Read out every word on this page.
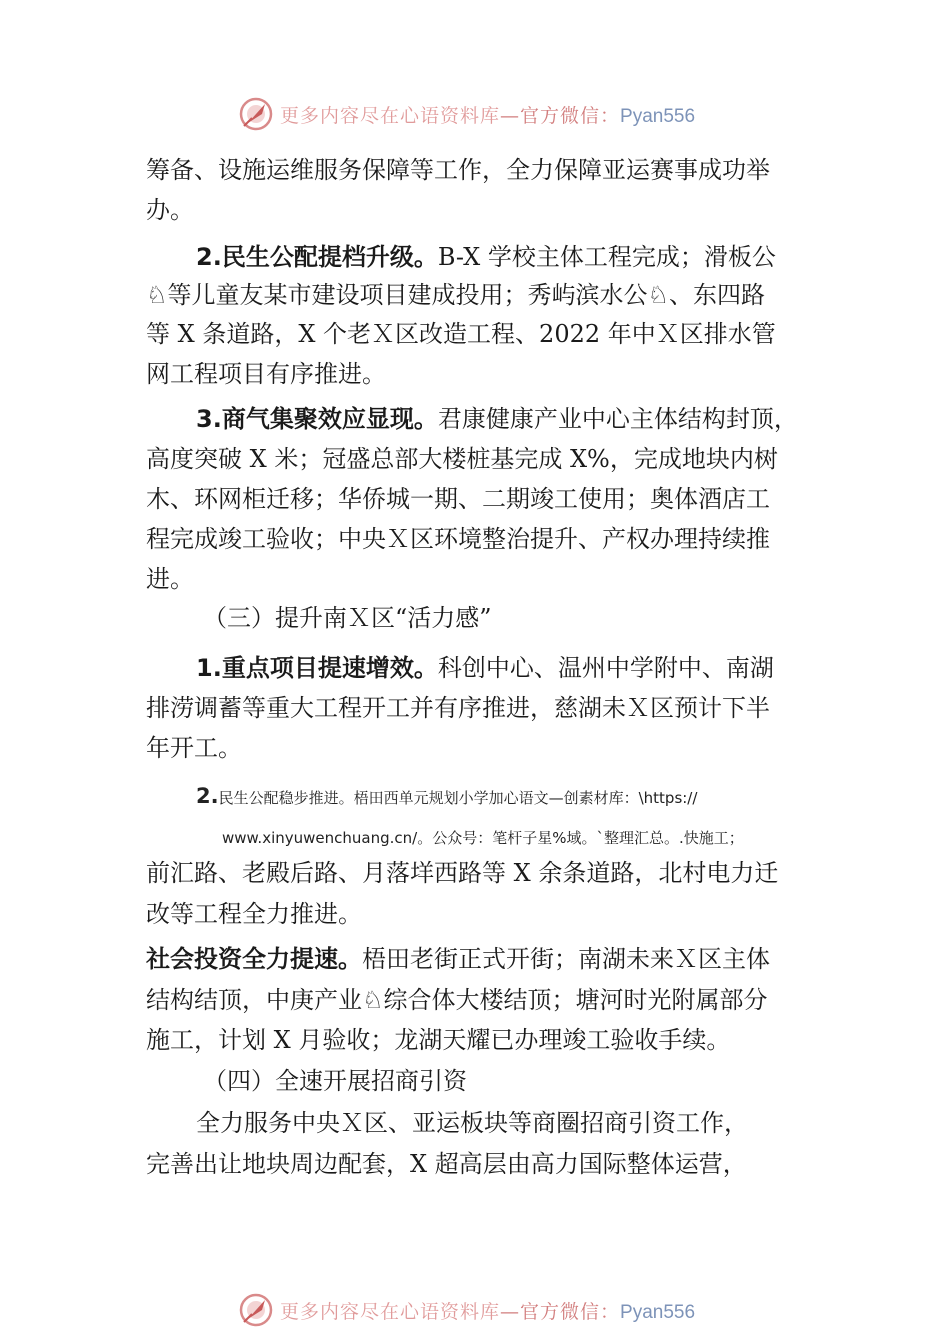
更多内容尽在心语资料库—官方微信：Pyan556
筹备、设施运维服务保障等工作，全力保障亚运赛事成功举
办。
2.民生公配提档升级。B-X 学校主体工程完成；滑板公
♘等儿童友某市建设项目建成投用；秀屿滨水公♘、东四路
等 X 条道路，X 个老Ｘ区改造工程、2022 年中Ｘ区排水管
网工程项目有序推进。
3.商气集聚效应显现。君康健康产业中心主体结构封顶，
高度突破 X 米；冠盛总部大楼桩基完成 X%，完成地块内树
木、环网柜迁移；华侨城一期、二期竣工使用；奥体酒店工
程完成竣工验收；中央Ｘ区环境整治提升、产权办理持续推
进。
（三）提升南Ｘ区“活力感”
1.重点项目提速增效。科创中心、温州中学附中、南湖
排涝调蓄等重大工程开工并有序推进，慈湖未Ｘ区预计下半
年开工。
2.民生公配稳步推进。梧田西单元规划小学加心语文—创素材库：\https://
www.xinyuwenchuang.cn/。公众号：笔杆子星%域。`整理汇总。.快施工；
前汇路、老殿后路、月落垟西路等 X 余条道路，北村电力迁
改等工程全力推进。
社会投资全力提速。梧田老街正式开街；南湖未来Ｘ区主体
结构结顶，中庚产业♘综合体大楼结顶；塘河时光附属部分
施工，计划 X 月验收；龙湖天耀已办理竣工验收手续。
（四）全速开展招商引资
全力服务中央Ｘ区、亚运板块等商圈招商引资工作，
完善出让地块周边配套，X 超高层由高力国际整体运营，
更多内容尽在心语资料库—官方微信：Pyan556
